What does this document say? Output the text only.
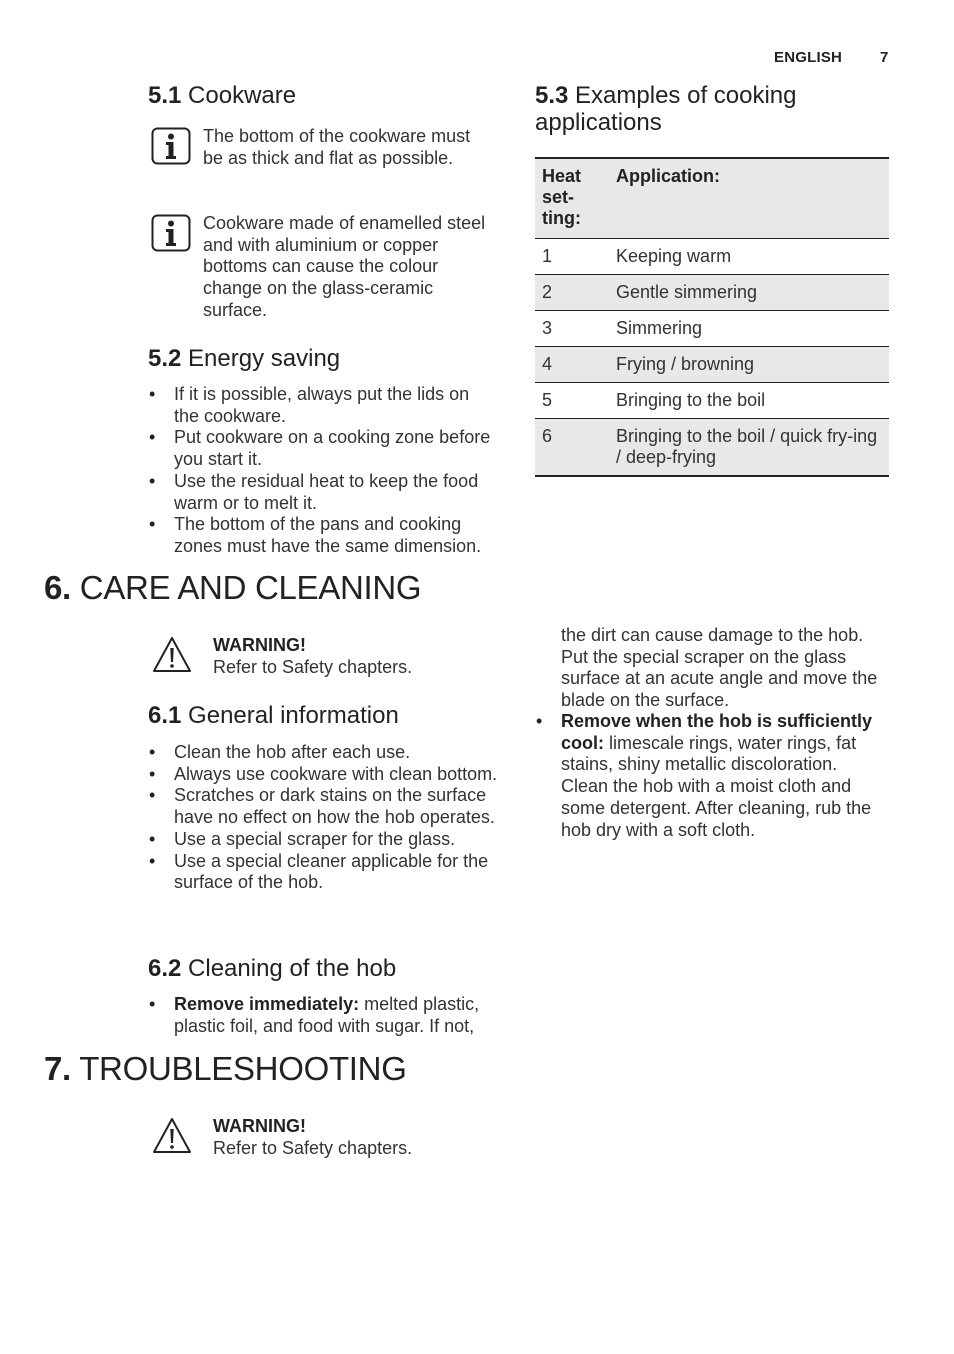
ENGLISH	7
5.1 Cookware
The bottom of the cookware must be as thick and flat as possible.
Cookware made of enamelled steel and with aluminium or copper bottoms can cause the colour change on the glass-ceramic surface.
5.2 Energy saving
• If it is possible, always put the lids on the cookware.
• Put cookware on a cooking zone before you start it.
• Use the residual heat to keep the food warm or to melt it.
• The bottom of the pans and cooking zones must have the same dimension.
5.3 Examples of cooking applications
Heat
set-
ting:	Application:
1	Keeping warm
2	Gentle simmering
3	Simmering
4	Frying / browning
5	Bringing to the boil
6	Bringing to the boil / quick fry-ing / deep-frying
6. CARE AND CLEANING
WARNING!
Refer to Safety chapters.
6.1 General information
• Clean the hob after each use.
• Always use cookware with clean bottom.
• Scratches or dark stains on the surface have no effect on how the hob operates.
• Use a special scraper for the glass.
• Use a special cleaner applicable for the surface of the hob.
6.2 Cleaning of the hob
• Remove immediately: melted plastic, plastic foil, and food with sugar. If not,
the dirt can cause damage to the hob. Put the special scraper on the glass surface at an acute angle and move the blade on the surface.
• Remove when the hob is sufficiently cool: limescale rings, water rings, fat stains, shiny metallic discoloration. Clean the hob with a moist cloth and some detergent. After cleaning, rub the hob dry with a soft cloth.
7. TROUBLESHOOTING
WARNING!
Refer to Safety chapters.
